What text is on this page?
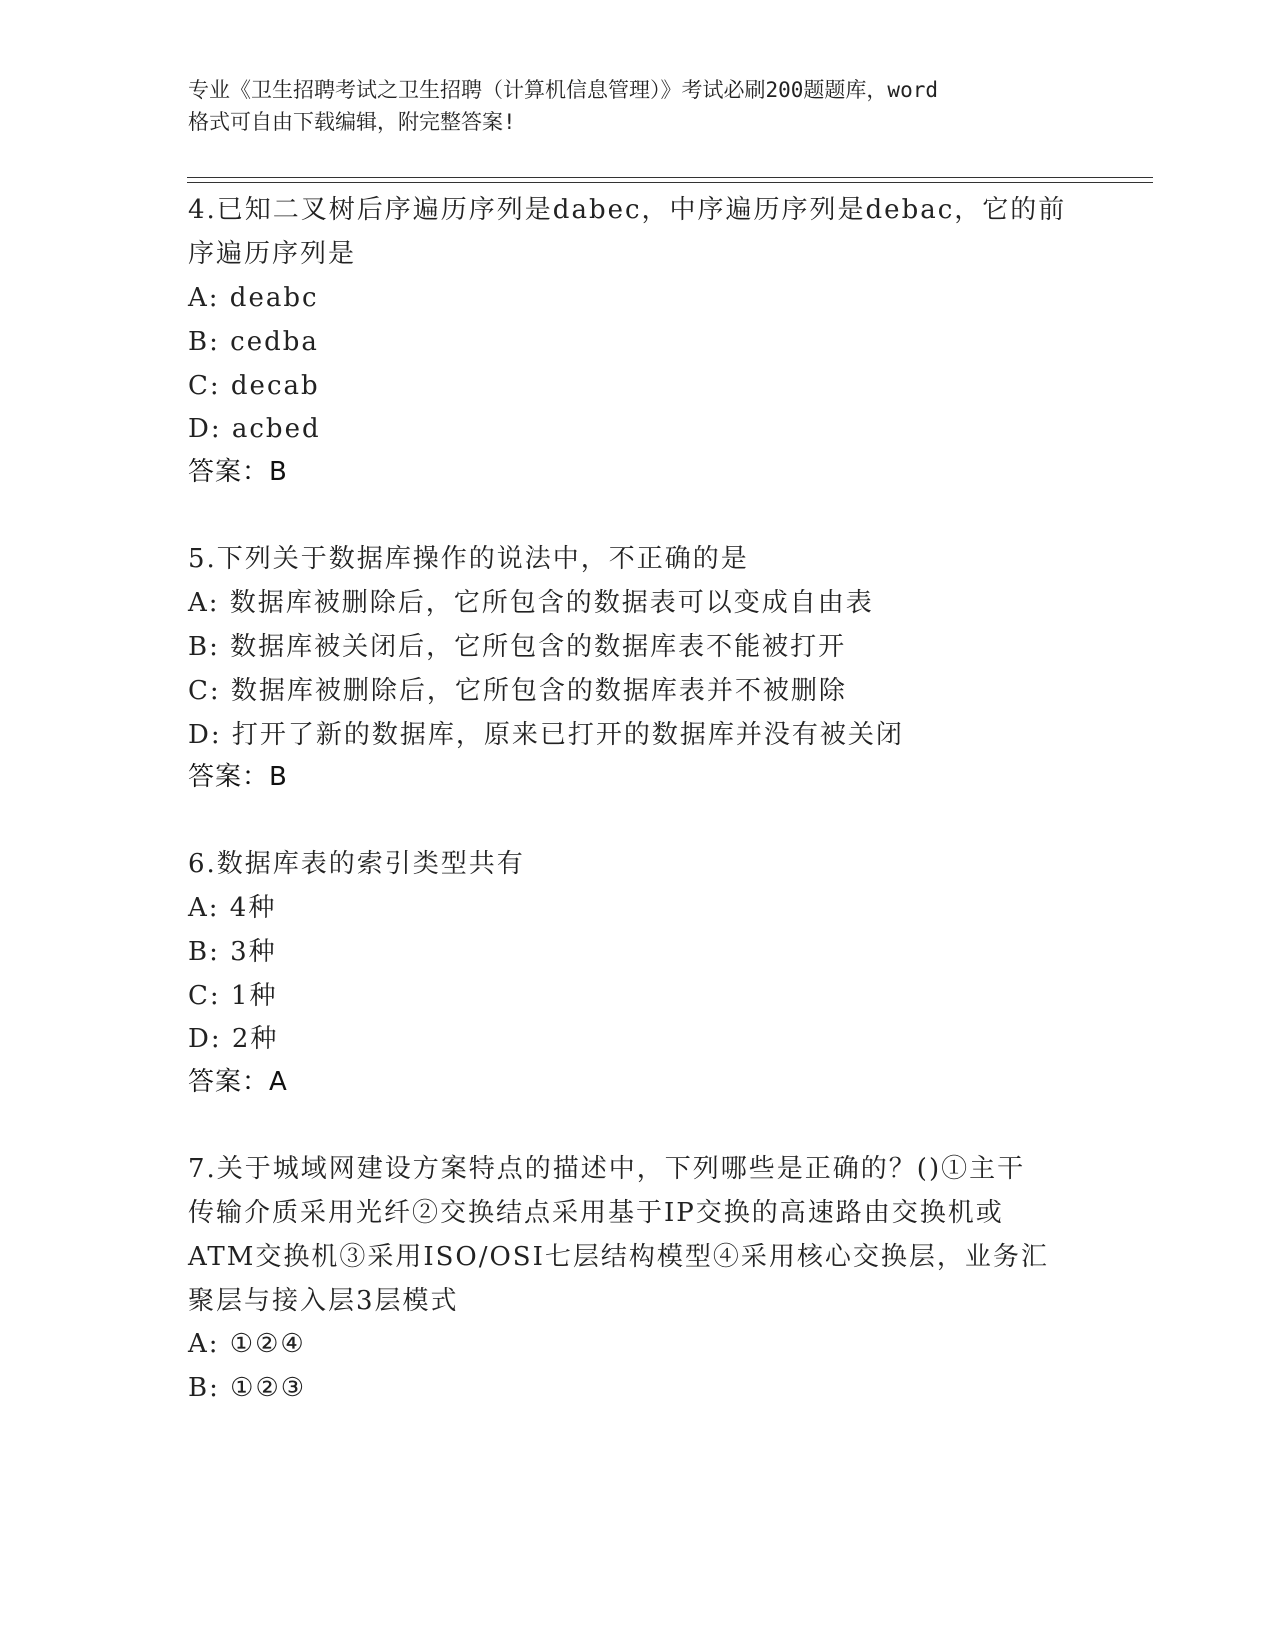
专业《卫生招聘考试之卫生招聘（计算机信息管理）》考试必刷200题题库，word
格式可自由下载编辑，附完整答案!
4.已知二叉树后序遍历序列是dabec，中序遍历序列是debac，它的前
序遍历序列是
A: deabc
B: cedba
C: decab
D: acbed
答案：B
5.下列关于数据库操作的说法中，不正确的是
A: 数据库被删除后，它所包含的数据表可以变成自由表
B: 数据库被关闭后，它所包含的数据库表不能被打开
C: 数据库被删除后，它所包含的数据库表并不被删除
D: 打开了新的数据库，原来已打开的数据库并没有被关闭
答案：B
6.数据库表的索引类型共有
A: 4种
B: 3种
C: 1种
D: 2种
答案：A
7.关于城域网建设方案特点的描述中，下列哪些是正确的？()①主干
传输介质采用光纤②交换结点采用基于IP交换的高速路由交换机或
ATM交换机③采用ISO/OSI七层结构模型④采用核心交换层，业务汇
聚层与接入层3层模式
A: ①②④
B: ①②③
